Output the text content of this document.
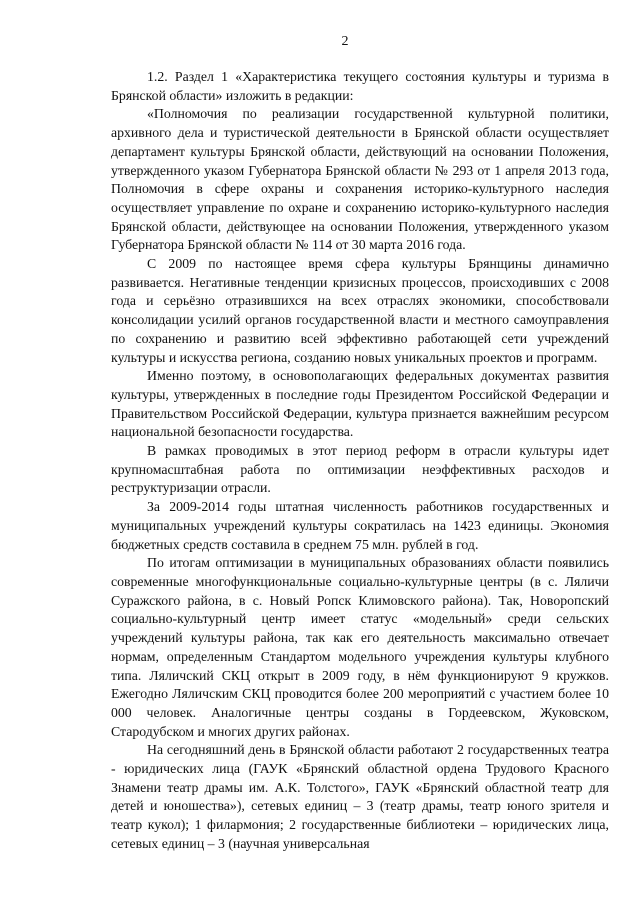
2

1.2. Раздел 1 «Характеристика текущего состояния культуры и туризма в Брянской области» изложить в редакции:

«Полномочия по реализации государственной культурной политики, архивного дела и туристической деятельности в Брянской области осуществляет департамент культуры Брянской области, действующий на основании Положения, утвержденного указом Губернатора Брянской области № 293 от 1 апреля 2013 года, Полномочия в сфере охраны и сохранения историко-культурного наследия осуществляет управление по охране и сохранению историко-культурного наследия Брянской области, действующее на основании Положения, утвержденного указом Губернатора Брянской области № 114 от 30 марта 2016 года.

С 2009 по настоящее время сфера культуры Брянщины динамично развивается. Негативные тенденции кризисных процессов, происходивших с 2008 года и серьёзно отразившихся на всех отраслях экономики, способствовали консолидации усилий органов государственной власти и местного самоуправления по сохранению и развитию всей эффективно работающей сети учреждений культуры и искусства региона, созданию новых уникальных проектов и программ.

Именно поэтому, в основополагающих федеральных документах развития культуры, утвержденных в последние годы Президентом Российской Федерации и Правительством Российской Федерации, культура признается важнейшим ресурсом национальной безопасности государства.

В рамках проводимых в этот период реформ в отрасли культуры идет крупномасштабная работа по оптимизации неэффективных расходов и реструктуризации отрасли.

За 2009-2014 годы штатная численность работников государственных и муниципальных учреждений культуры сократилась на 1423 единицы. Экономия бюджетных средств составила в среднем 75 млн. рублей в год.

По итогам оптимизации в муниципальных образованиях области появились современные многофункциональные социально-культурные центры (в с. Ляличи Суражского района, в с. Новый Ропск Климовского района). Так, Новоропский социально-культурный центр имеет статус «модельный» среди сельских учреждений культуры района, так как его деятельность максимально отвечает нормам, определенным Стандартом модельного учреждения культуры клубного типа. Ляличский СКЦ открыт в 2009 году, в нём функционируют 9 кружков. Ежегодно Ляличским СКЦ проводится более 200 мероприятий с участием более 10 000 человек. Аналогичные центры созданы в Гордеевском, Жуковском, Стародубском и многих других районах.

На сегодняшний день в Брянской области работают 2 государственных театра - юридических лица (ГАУК «Брянский областной ордена Трудового Красного Знамени театр драмы им. А.К. Толстого», ГАУК «Брянский областной театр для детей и юношества»), сетевых единиц – 3 (театр драмы, театр юного зрителя и театр кукол); 1 филармония; 2 государственные библиотеки – юридических лица, сетевых единиц – 3 (научная универсальная
